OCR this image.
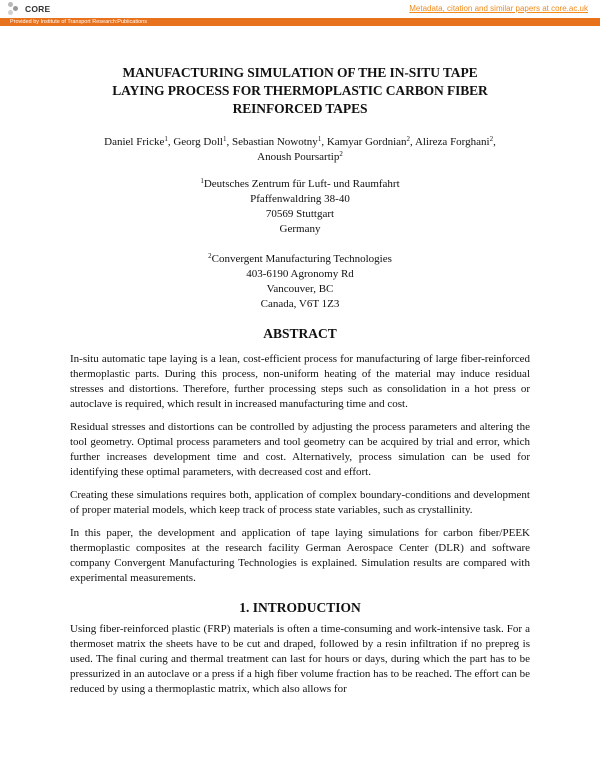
CORE	Metadata, citation and similar papers at core.ac.uk
Provided by Institute of Transport Research:Publications
MANUFACTURING SIMULATION OF THE IN-SITU TAPE
LAYING PROCESS FOR THERMOPLASTIC CARBON FIBER
REINFORCED TAPES
Daniel Fricke$^1$, Georg Doll$^1$, Sebastian Nowotny$^1$, Kamyar Gordnian$^2$, Alireza Forghani$^2$,
Anoush Poursartip$^2$
$^1$Deutsches Zentrum für Luft- und Raumfahrt
Pfaffenwaldring 38-40
70569 Stuttgart
Germany
$^2$Convergent Manufacturing Technologies
403-6190 Agronomy Rd
Vancouver, BC
Canada, V6T 1Z3
ABSTRACT

In-situ automatic tape laying is a lean, cost-efficient process for manufacturing of large fiber-reinforced thermoplastic parts. During this process, non-uniform heating of the material may induce residual stresses and distortions. Therefore, further processing steps such as consolidation in a hot press or autoclave is required, which result in increased manufacturing time and cost.

Residual stresses and distortions can be controlled by adjusting the process parameters and altering the tool geometry. Optimal process parameters and tool geometry can be acquired by trial and error, which further increases development time and cost. Alternatively, process simulation can be used for identifying these optimal parameters, with decreased cost and effort.

Creating these simulations requires both, application of complex boundary-conditions and development of proper material models, which keep track of process state variables, such as crystallinity.

In this paper, the development and application of tape laying simulations for carbon fiber/PEEK thermoplastic composites at the research facility German Aerospace Center (DLR) and software company Convergent Manufacturing Technologies is explained. Simulation results are compared with experimental measurements.

1. INTRODUCTION

Using fiber-reinforced plastic (FRP) materials is often a time-consuming and work-intensive task. For a thermoset matrix the sheets have to be cut and draped, followed by a resin infiltration if no prepreg is used. The final curing and thermal treatment can last for hours or days, during which the part has to be pressurized in an autoclave or a press if a high fiber volume fraction has to be reached. The effort can be reduced by using a thermoplastic matrix, which also allows for
